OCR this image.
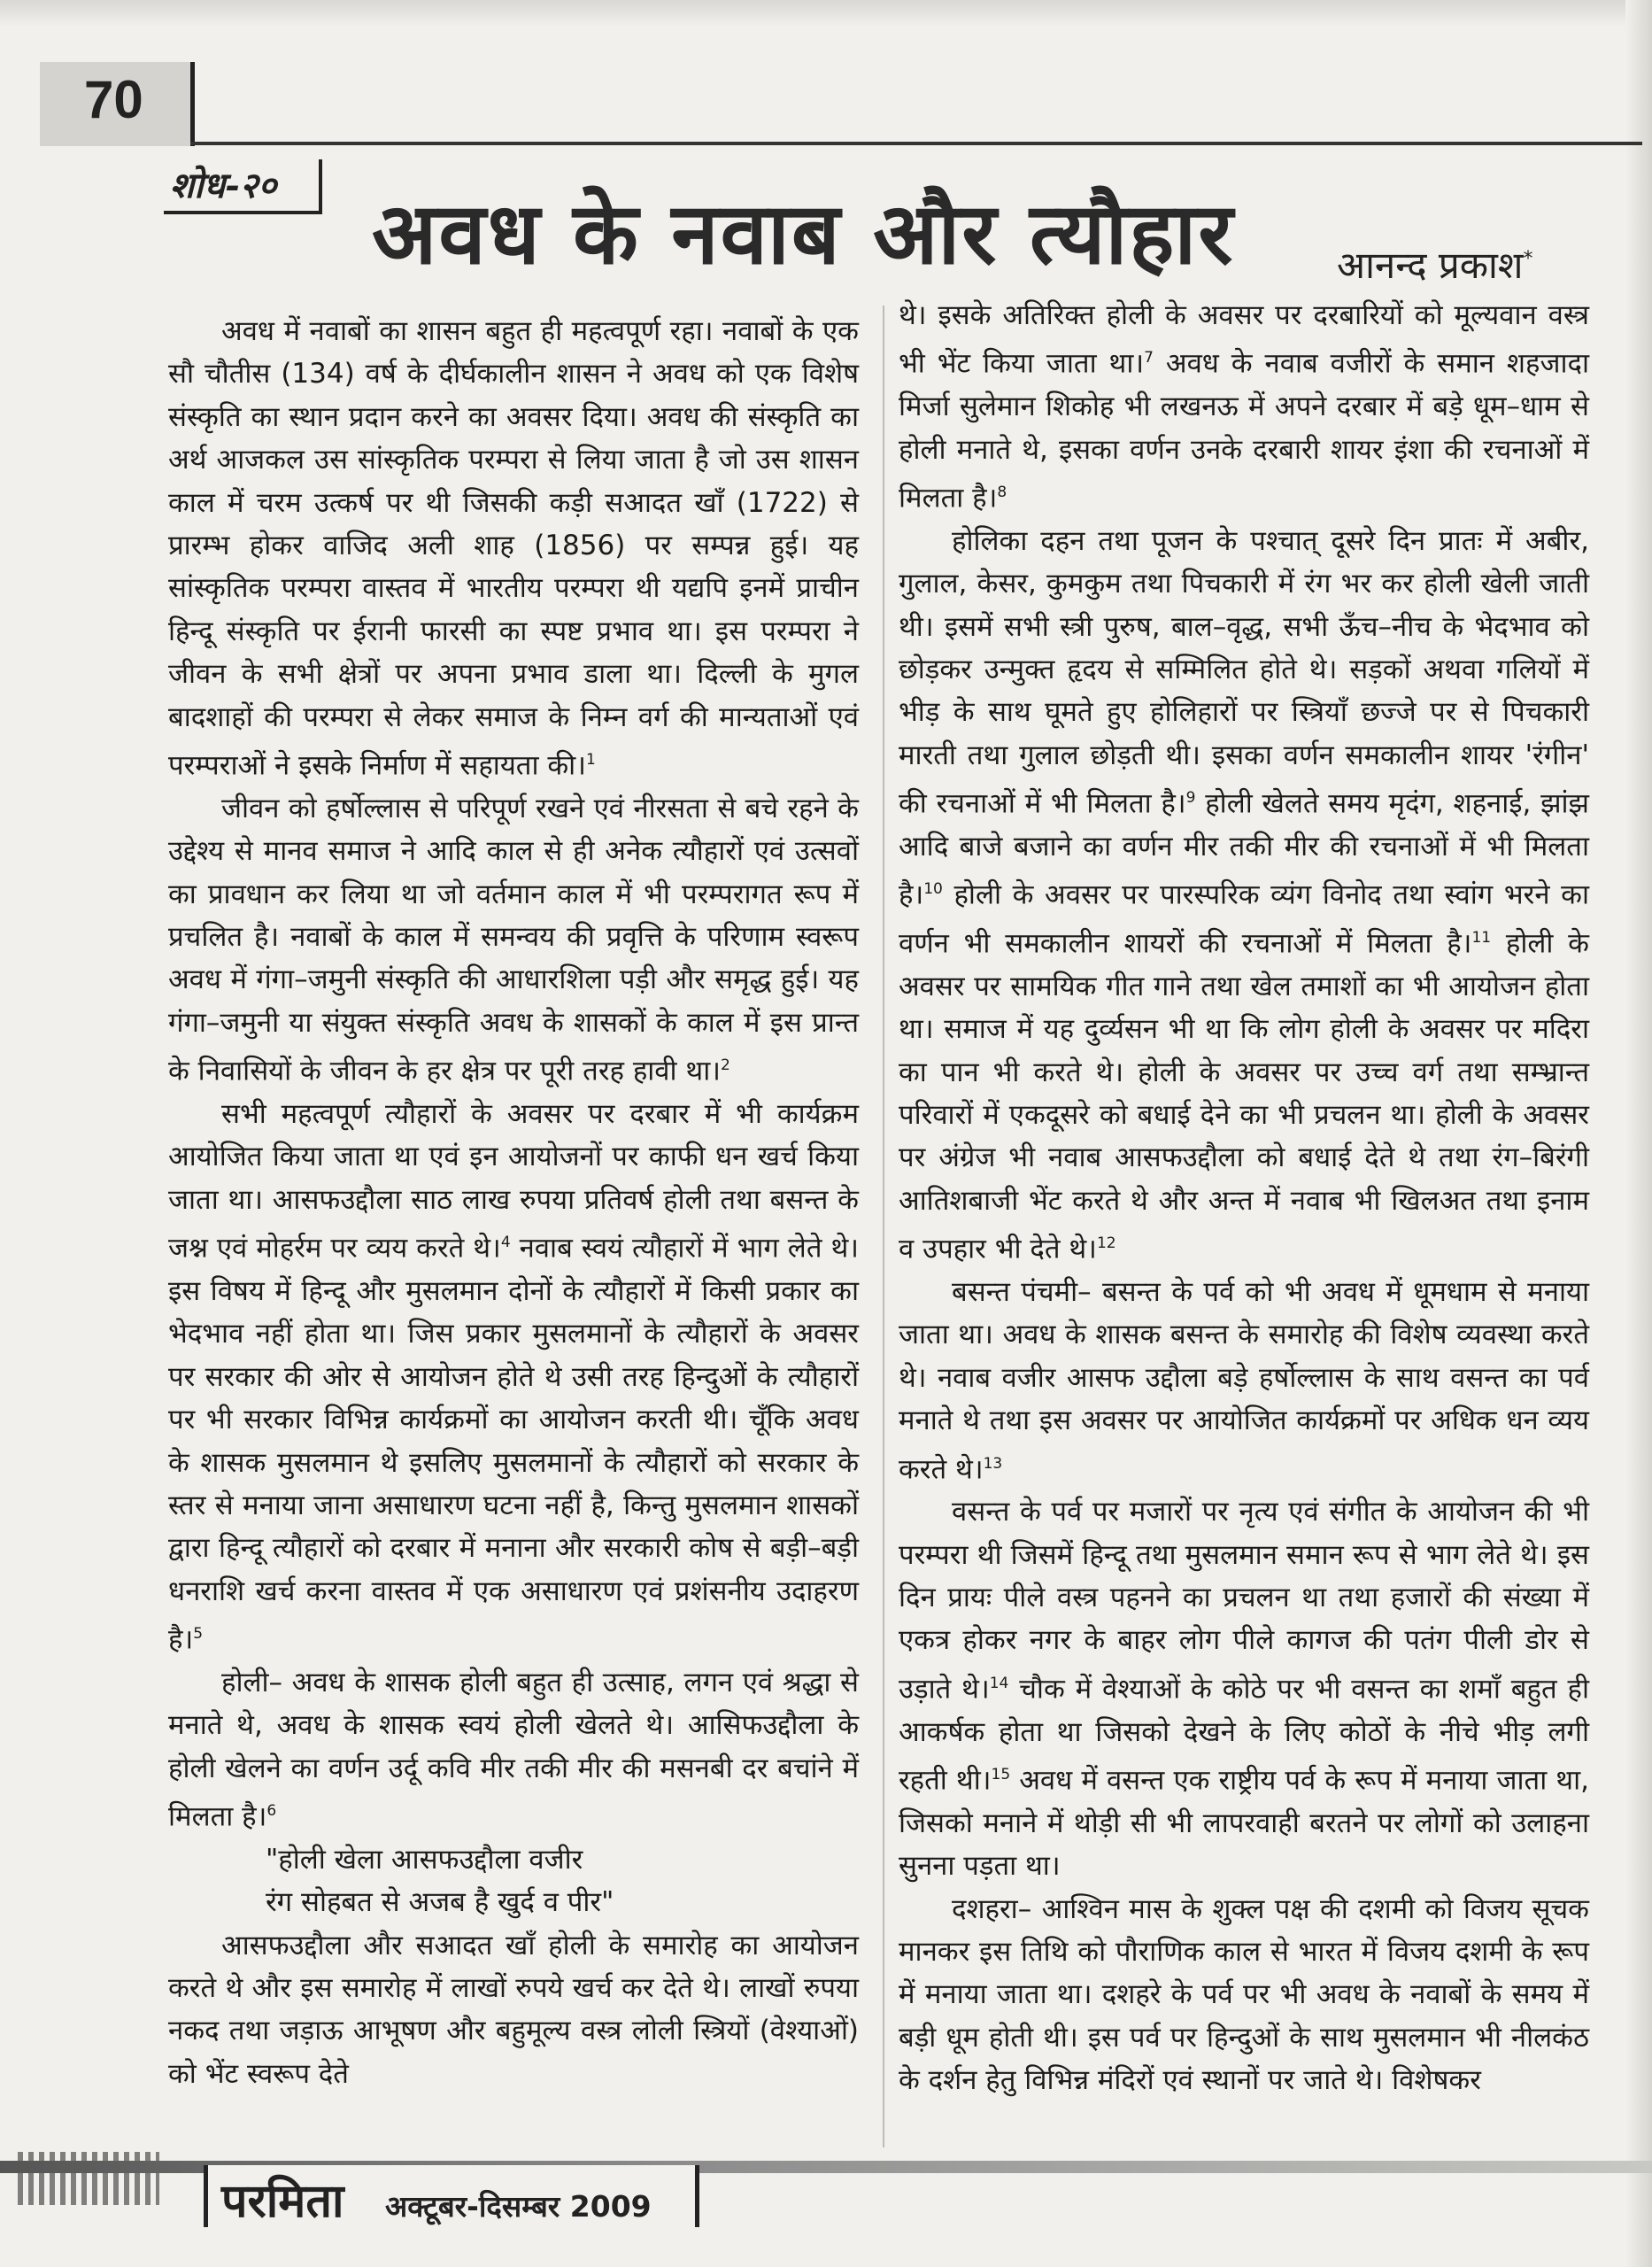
70
शोध-२० अवध के नवाब और त्यौहार	आनन्द प्रकाश*

अवध में नवाबों का शासन बहुत ही महत्वपूर्ण रहा। नवाबों के एक सौ चौतीस (134) वर्ष के दीर्घकालीन शासन ने अवध को एक विशेष संस्कृति का स्थान प्रदान करने का अवसर दिया। अवध की संस्कृति का अर्थ आजकल उस सांस्कृतिक परम्परा से लिया जाता है जो उस शासन काल में चरम उत्कर्ष पर थी जिसकी कड़ी सआदत खाँ (1722) से प्रारम्भ होकर वाजिद अली शाह (1856) पर सम्पन्न हुई। यह सांस्कृतिक परम्परा वास्तव में भारतीय परम्परा थी यद्यपि इनमें प्राचीन हिन्दू संस्कृति पर ईरानी फारसी का स्पष्ट प्रभाव था। इस परम्परा ने जीवन के सभी क्षेत्रों पर अपना प्रभाव डाला था। दिल्ली के मुगल बादशाहों की परम्परा से लेकर समाज के निम्न वर्ग की मान्यताओं एवं परम्पराओं ने इसके निर्माण में सहायता की।$^1$

जीवन को हर्षोल्लास से परिपूर्ण रखने एवं नीरसता से बचे रहने के उद्देश्य से मानव समाज ने आदि काल से ही अनेक त्यौहारों एवं उत्सवों का प्रावधान कर लिया था जो वर्तमान काल में भी परम्परागत रूप में प्रचलित है। नवाबों के काल में समन्वय की प्रवृत्ति के परिणाम स्वरूप अवध में गंगा–जमुनी संस्कृति की आधारशिला पड़ी और समृद्ध हुई। यह गंगा–जमुनी या संयुक्त संस्कृति अवध के शासकों के काल में इस प्रान्त के निवासियों के जीवन के हर क्षेत्र पर पूरी तरह हावी था।$^2$

सभी महत्वपूर्ण त्यौहारों के अवसर पर दरबार में भी कार्यक्रम आयोजित किया जाता था एवं इन आयोजनों पर काफी धन खर्च किया जाता था। आसफउद्दौला साठ लाख रुपया प्रतिवर्ष होली तथा बसन्त के जश्न एवं मोहर्रम पर व्यय करते थे।$^4$ नवाब स्वयं त्यौहारों में भाग लेते थे। इस विषय में हिन्दू और मुसलमान दोनों के त्यौहारों में किसी प्रकार का भेदभाव नहीं होता था। जिस प्रकार मुसलमानों के त्यौहारों के अवसर पर सरकार की ओर से आयोजन होते थे उसी तरह हिन्दुओं के त्यौहारों पर भी सरकार विभिन्न कार्यक्रमों का आयोजन करती थी। चूँकि अवध के शासक मुसलमान थे इसलिए मुसलमानों के त्यौहारों को सरकार के स्तर से मनाया जाना असाधारण घटना नहीं है, किन्तु मुसलमान शासकों द्वारा हिन्दू त्यौहारों को दरबार में मनाना और सरकारी कोष से बड़ी–बड़ी धनराशि खर्च करना वास्तव में एक असाधारण एवं प्रशंसनीय उदाहरण है।$^5$

होली– अवध के शासक होली बहुत ही उत्साह, लगन एवं श्रद्धा से मनाते थे, अवध के शासक स्वयं होली खेलते थे। आसिफउद्दौला के होली खेलने का वर्णन उर्दू कवि मीर तकी मीर की मसनबी दर बचांने में मिलता है।$^6$

"होली खेला आसफउद्दौला वजीर

रंग सोहबत से अजब है खुर्द व पीर"

आसफउद्दौला और सआदत खाँ होली के समारोह का आयोजन करते थे और इस समारोह में लाखों रुपये खर्च कर देते थे। लाखों रुपया नकद तथा जड़ाऊ आभूषण और बहुमूल्य वस्त्र लोली स्त्रियों (वेश्याओं) को भेंट स्वरूप देते

थे। इसके अतिरिक्त होली के अवसर पर दरबारियों को मूल्यवान वस्त्र भी भेंट किया जाता था।$^7$ अवध के नवाब वजीरों के समान शहजादा मिर्जा सुलेमान शिकोह भी लखनऊ में अपने दरबार में बड़े धूम–धाम से होली मनाते थे, इसका वर्णन उनके दरबारी शायर इंशा की रचनाओं में मिलता है।$^8$

होलिका दहन तथा पूजन के पश्चात् दूसरे दिन प्रातः में अबीर, गुलाल, केसर, कुमकुम तथा पिचकारी में रंग भर कर होली खेली जाती थी। इसमें सभी स्त्री पुरुष, बाल–वृद्ध, सभी ऊँच–नीच के भेदभाव को छोड़कर उन्मुक्त हृदय से सम्मिलित होते थे। सड़कों अथवा गलियों में भीड़ के साथ घूमते हुए होलिहारों पर स्त्रियाँ छज्जे पर से पिचकारी मारती तथा गुलाल छोड़ती थी। इसका वर्णन समकालीन शायर 'रंगीन' की रचनाओं में भी मिलता है।$^9$ होली खेलते समय मृदंग, शहनाई, झांझ आदि बाजे बजाने का वर्णन मीर तकी मीर की रचनाओं में भी मिलता है।$^{10}$ होली के अवसर पर पारस्परिक व्यंग विनोद तथा स्वांग भरने का वर्णन भी समकालीन शायरों की रचनाओं में मिलता है।$^{11}$ होली के अवसर पर सामयिक गीत गाने तथा खेल तमाशों का भी आयोजन होता था। समाज में यह दुर्व्यसन भी था कि लोग होली के अवसर पर मदिरा का पान भी करते थे। होली के अवसर पर उच्च वर्ग तथा सम्भ्रान्त परिवारों में एकदूसरे को बधाई देने का भी प्रचलन था। होली के अवसर पर अंग्रेज भी नवाब आसफउद्दौला को बधाई देते थे तथा रंग–बिरंगी आतिशबाजी भेंट करते थे और अन्त में नवाब भी खिलअत तथा इनाम व उपहार भी देते थे।$^{12}$

बसन्त पंचमी– बसन्त के पर्व को भी अवध में धूमधाम से मनाया जाता था। अवध के शासक बसन्त के समारोह की विशेष व्यवस्था करते थे। नवाब वजीर आसफ उद्दौला बड़े हर्षोल्लास के साथ वसन्त का पर्व मनाते थे तथा इस अवसर पर आयोजित कार्यक्रमों पर अधिक धन व्यय करते थे।$^{13}$

वसन्त के पर्व पर मजारों पर नृत्य एवं संगीत के आयोजन की भी परम्परा थी जिसमें हिन्दू तथा मुसलमान समान रूप से भाग लेते थे। इस दिन प्रायः पीले वस्त्र पहनने का प्रचलन था तथा हजारों की संख्या में एकत्र होकर नगर के बाहर लोग पीले कागज की पतंग पीली डोर से उड़ाते थे।$^{14}$ चौक में वेश्याओं के कोठे पर भी वसन्त का शमाँ बहुत ही आकर्षक होता था जिसको देखने के लिए कोठों के नीचे भीड़ लगी रहती थी।$^{15}$ अवध में वसन्त एक राष्ट्रीय पर्व के रूप में मनाया जाता था, जिसको मनाने में थोड़ी सी भी लापरवाही बरतने पर लोगों को उलाहना सुनना पड़ता था।

दशहरा– आश्विन मास के शुक्ल पक्ष की दशमी को विजय सूचक मानकर इस तिथि को पौराणिक काल से भारत में विजय दशमी के रूप में मनाया जाता था। दशहरे के पर्व पर भी अवध के नवाबों के समय में बड़ी धूम होती थी। इस पर्व पर हिन्दुओं के साथ मुसलमान भी नीलकंठ के दर्शन हेतु विभिन्न मंदिरों एवं स्थानों पर जाते थे। विशेषकर

परमिता अक्टूबर-दिसम्बर 2009
